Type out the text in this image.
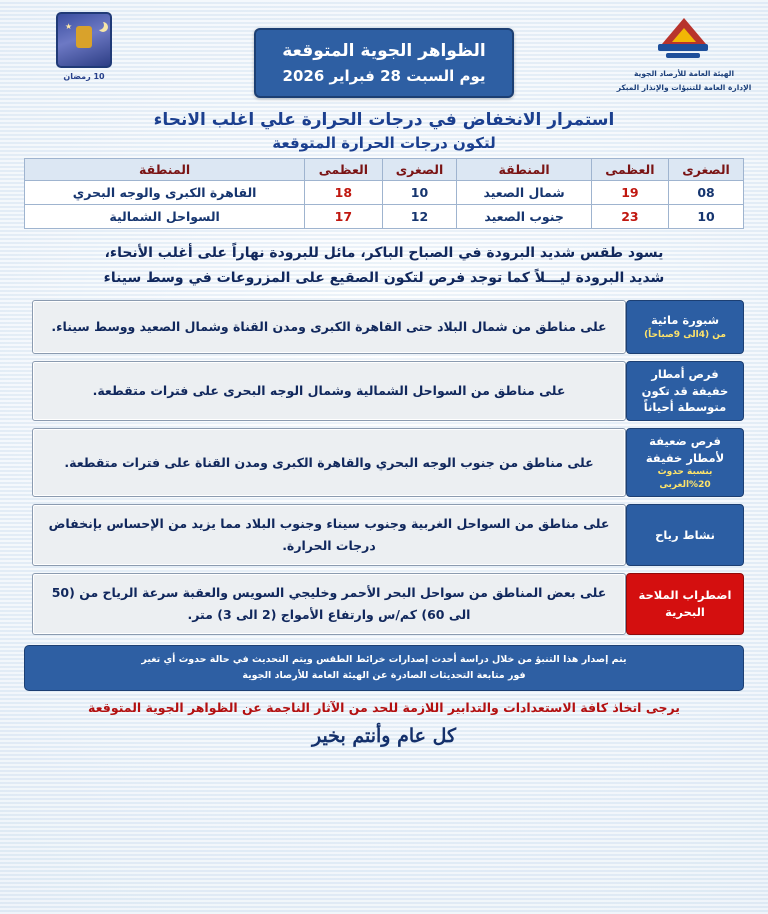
الهيئة العامة للأرصاد الجوية
الإدارة العامة للتنبؤات والإنذار المبكر
الظواهر الجوية المتوقعة
يوم السبت 28 فبراير 2026
★
10 رمضان
استمرار الانخفاض في درجات الحرارة علي اغلب الانحاء
لتكون درجات الحرارة المتوقعة
الصغرى	العظمى	المنطقة	الصغرى	العظمى	المنطقة
08	19	شمال الصعيد	10	18	القاهرة الكبرى والوجه البحري
10	23	جنوب الصعيد	12	17	السواحل الشمالية
يسود طقس شديد البرودة في الصباح الباكر، مائل للبرودة نهاراً على أغلب الأنحاء،
شديد البرودة ليـــلاً كما توجد فرص لتكون الصقيع على المزروعات في وسط سيناء
شبورة مائية
من (4الى 9صباحاً)
على مناطق من شمال البلاد حتى القاهرة الكبرى ومدن القناة وشمال الصعيد ووسط سيناء.
فرص أمطار خفيفة قد تكون متوسطة أحياناً
على مناطق من السواحل الشمالية وشمال الوجه البحرى على فترات متقطعة.
فرص ضعيفة لأمطار خفيفة
بنسبة حدوث 20%الغربى
على مناطق من جنوب الوجه البحري والقاهرة الكبرى ومدن القناة على فترات متقطعة.
نشاط رياح
على مناطق من السواحل الغربية وجنوب سيناء وجنوب البلاد مما يزيد من الإحساس بإنخفاض درجات الحرارة.
اضطراب الملاحة البحرية
على بعض المناطق من سواحل البحر الأحمر وخليجي السويس والعقبة سرعة الرياح من (50 الى 60) كم/س وارتفاع الأمواج (2 الى 3) متر.
يتم إصدار هذا التنبؤ من خلال دراسة أحدث إصدارات خرائط الطقس ويتم التحديث في حالة حدوث أي تغير
فور متابعة التحديثات الصادرة عن الهيئة العامة للأرصاد الجوية
يرجى اتخاذ كافة الاستعدادات والتدابير اللازمة للحد من الآثار الناجمة عن الظواهر الجوية المتوقعة
كل عام وأنتم بخير
